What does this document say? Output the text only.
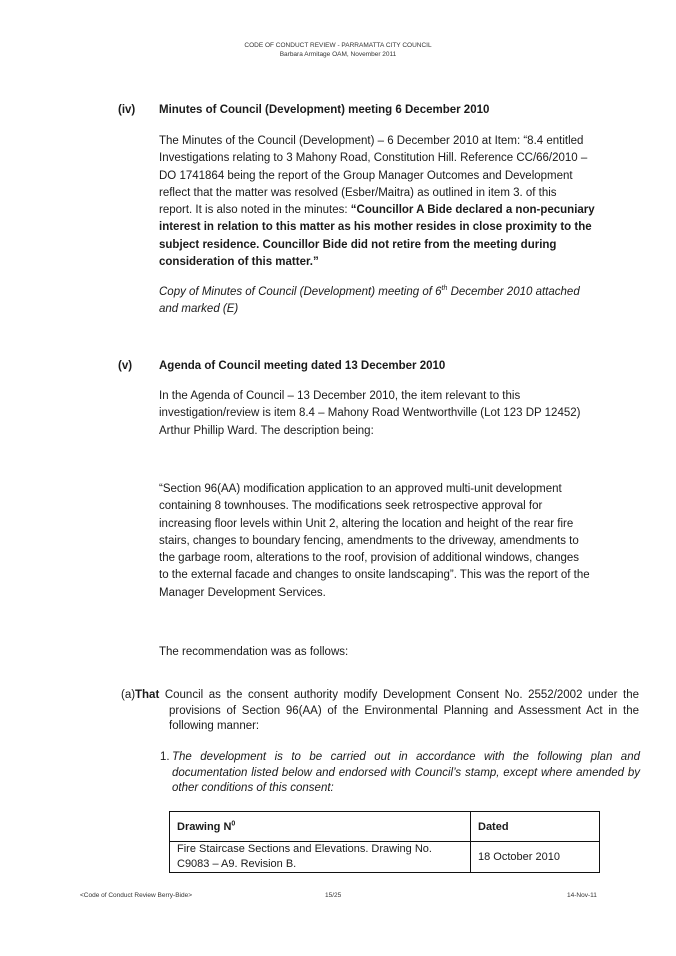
CODE OF CONDUCT REVIEW - PARRAMATTA CITY COUNCIL
Barbara Armitage OAM, November 2011
(iv) Minutes of Council (Development) meeting 6 December 2010
The Minutes of the Council (Development) – 6 December 2010 at Item: “8.4 entitled
Investigations relating to 3 Mahony Road, Constitution Hill. Reference CC/66/2010 –
DO 1741864 being the report of the Group Manager Outcomes and Development
reflect that the matter was resolved (Esber/Maitra) as outlined in item 3. of this
report. It is also noted in the minutes: “Councillor A Bide declared a non-pecuniary
interest in relation to this matter as his mother resides in close proximity to the
subject residence. Councillor Bide did not retire from the meeting during
consideration of this matter.”
Copy of Minutes of Council (Development) meeting of 6th December 2010 attached
and marked (E)
(v) Agenda of Council meeting dated 13 December 2010
In the Agenda of Council – 13 December 2010, the item relevant to this
investigation/review is item 8.4 – Mahony Road Wentworthville (Lot 123 DP 12452)
Arthur Phillip Ward. The description being:
“Section 96(AA) modification application to an approved multi-unit development
containing 8 townhouses. The modifications seek retrospective approval for
increasing floor levels within Unit 2, altering the location and height of the rear fire
stairs, changes to boundary fencing, amendments to the driveway, amendments to
the garbage room, alterations to the roof, provision of additional windows, changes
to the external facade and changes to onsite landscaping”. This was the report of the
Manager Development Services.
The recommendation was as follows:
(a) That Council as the consent authority modify Development Consent No. 2552/2002 under the provisions of Section 96(AA) of the Environmental Planning and Assessment Act in the following manner:
1. The development is to be carried out in accordance with the following plan and documentation listed below and endorsed with Council’s stamp, except where amended by other conditions of this consent:
Drawing $N^0$	Dated

Fire Staircase Sections and Elevations. Drawing No.
C9083 – A9. Revision B.	18 October 2010
<Code of Conduct Review Berry-Bide>	15/25	14-Nov-11
